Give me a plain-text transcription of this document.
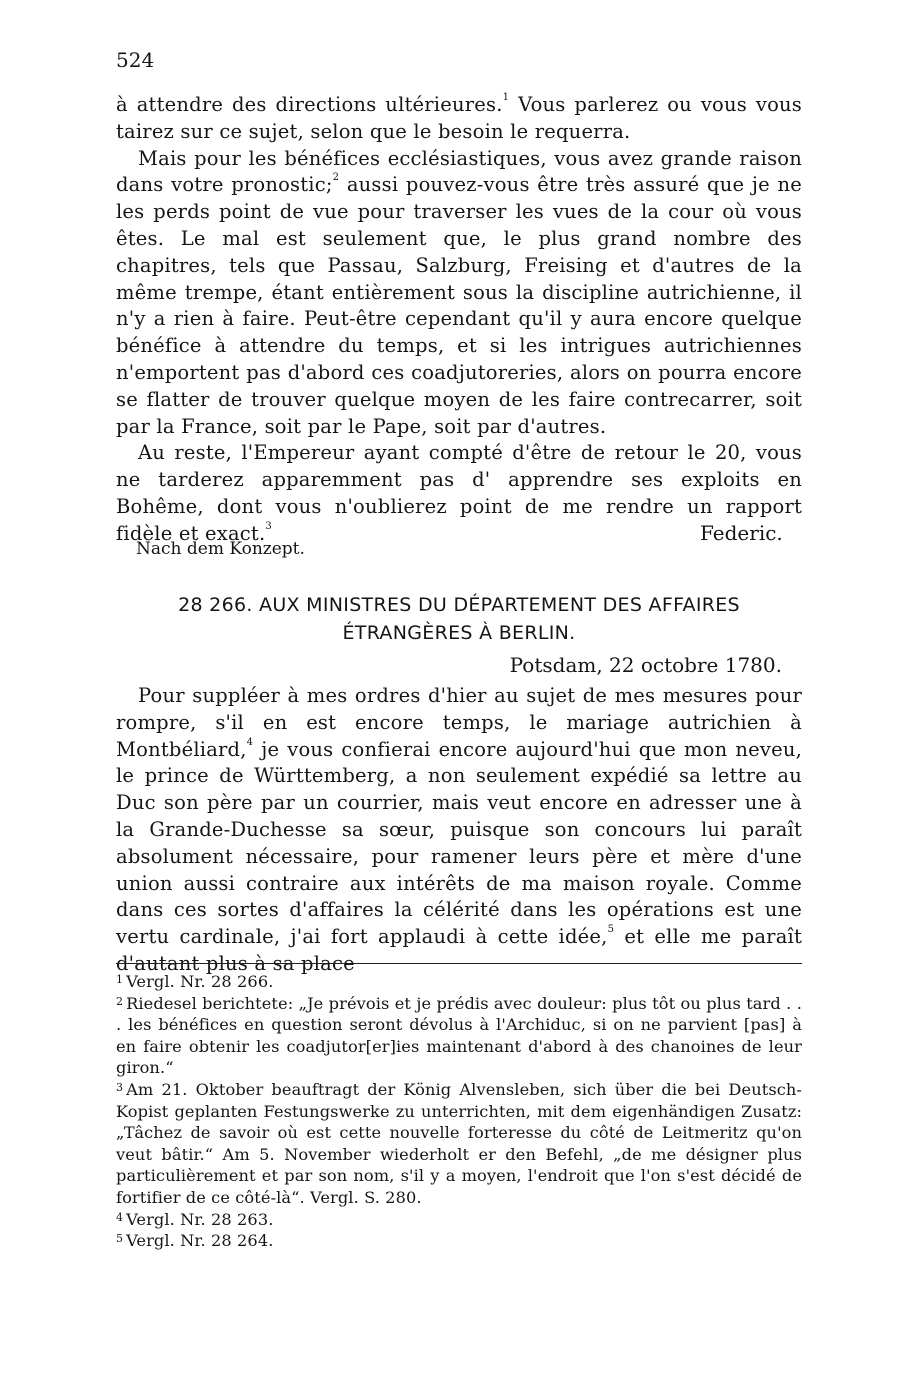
524

à attendre des directions ultérieures.$^1$ Vous parlerez ou vous vous tairez sur ce sujet, selon que le besoin le requerra.

Mais pour les bénéfices ecclésiastiques, vous avez grande raison dans votre pronostic;$^2$ aussi pouvez-vous être très assuré que je ne les perds point de vue pour traverser les vues de la cour où vous êtes. Le mal est seulement que, le plus grand nombre des chapitres, tels que Passau, Salzburg, Freising et d'autres de la même trempe, étant entièrement sous la discipline autrichienne, il n'y a rien à faire. Peut-être cependant qu'il y aura encore quelque bénéfice à attendre du temps, et si les intrigues autrichiennes n'emportent pas d'abord ces coadjutoreries, alors on pourra encore se flatter de trouver quelque moyen de les faire contrecarrer, soit par la France, soit par le Pape, soit par d'autres.

Au reste, l'Empereur ayant compté d'être de retour le 20, vous ne tarderez apparemment pas d' apprendre ses exploits en Bohême, dont vous n'oublierez point de me rendre un rapport fidèle et exact.$^3$	Federic.
Nach dem Konzept.
28 266. AUX MINISTRES DU DÉPARTEMENT DES AFFAIRES
ÉTRANGÈRES À BERLIN.
Potsdam, 22 octobre 1780.

Pour suppléer à mes ordres d'hier au sujet de mes mesures pour rompre, s'il en est encore temps, le mariage autrichien à Montbéliard,$^4$ je vous confierai encore aujourd'hui que mon neveu, le prince de Württemberg, a non seulement expédié sa lettre au Duc son père par un courrier, mais veut encore en adresser une à la Grande-Duchesse sa sœur, puisque son concours lui paraît absolument nécessaire, pour ramener leurs père et mère d'une union aussi contraire aux intérêts de ma maison royale. Comme dans ces sortes d'affaires la célérité dans les opérations est une vertu cardinale, j'ai fort applaudi à cette idée,$^5$ et elle me paraît d'autant plus à sa place

$^1$ Vergl. Nr. 28 266.

$^2$ Riedesel berichtete: „Je prévois et je prédis avec douleur: plus tôt ou plus tard . . . les bénéfices en question seront dévolus à l'Archiduc, si on ne parvient [pas] à en faire obtenir les coadjutor[er]ies maintenant d'abord à des chanoines de leur giron.“

$^3$ Am 21. Oktober beauftragt der König Alvensleben, sich über die bei Deutsch-Kopist geplanten Festungswerke zu unterrichten, mit dem eigenhändigen Zusatz: „Tâchez de savoir où est cette nouvelle forteresse du côté de Leitmeritz qu'on veut bâtir.“ Am 5. November wiederholt er den Befehl, „de me désigner plus particulièrement et par son nom, s'il y a moyen, l'endroit que l'on s'est décidé de fortifier de ce côté-là“. Vergl. S. 280.

$^4$ Vergl. Nr. 28 263.

$^5$ Vergl. Nr. 28 264.
